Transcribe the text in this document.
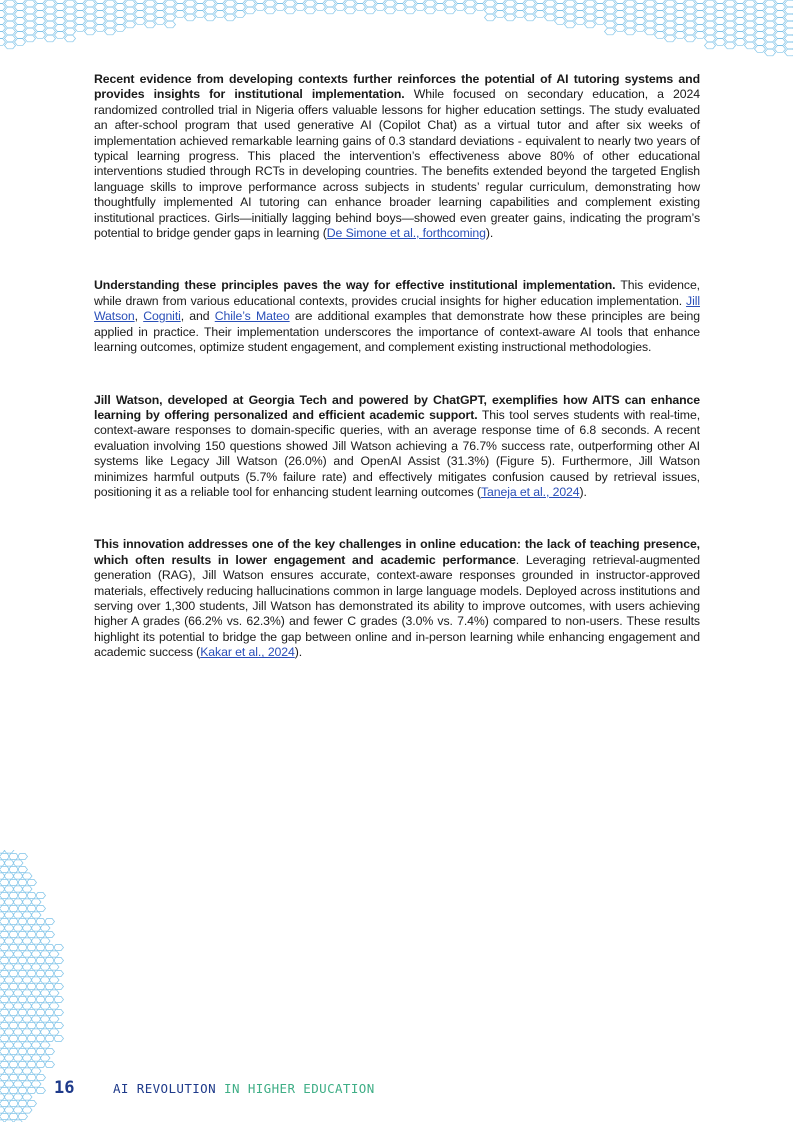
Recent evidence from developing contexts further reinforces the potential of AI tutoring systems and provides insights for institutional implementation. While focused on secondary education, a 2024 randomized controlled trial in Nigeria offers valuable lessons for higher education settings. The study evaluated an after-school program that used generative AI (Copilot Chat) as a virtual tutor and after six weeks of implementation achieved remarkable learning gains of 0.3 standard deviations - equivalent to nearly two years of typical learning progress. This placed the intervention’s effectiveness above 80% of other educational interventions studied through RCTs in developing countries. The benefits extended beyond the targeted English language skills to improve performance across subjects in students’ regular curriculum, demonstrating how thoughtfully implemented AI tutoring can enhance broader learning capabilities and complement existing institutional practices. Girls—initially lagging behind boys—showed even greater gains, indicating the program’s potential to bridge gender gaps in learning (De Simone et al., forthcoming).

Understanding these principles paves the way for effective institutional implementation. This evidence, while drawn from various educational contexts, provides crucial insights for higher education implementation. Jill Watson, Cogniti, and Chile’s Mateo are additional examples that demonstrate how these principles are being applied in practice. Their implementation underscores the importance of context-aware AI tools that enhance learning outcomes, optimize student engagement, and complement existing instructional methodologies.

Jill Watson, developed at Georgia Tech and powered by ChatGPT, exemplifies how AITS can enhance learning by offering personalized and efficient academic support. This tool serves students with real-time, context-aware responses to domain-specific queries, with an average response time of 6.8 seconds. A recent evaluation involving 150 questions showed Jill Watson achieving a 76.7% success rate, outperforming other AI systems like Legacy Jill Watson (26.0%) and OpenAI Assist (31.3%) (Figure 5). Furthermore, Jill Watson minimizes harmful outputs (5.7% failure rate) and effectively mitigates confusion caused by retrieval issues, positioning it as a reliable tool for enhancing student learning outcomes (Taneja et al., 2024).

This innovation addresses one of the key challenges in online education: the lack of teaching presence, which often results in lower engagement and academic performance. Leveraging retrieval-augmented generation (RAG), Jill Watson ensures accurate, context-aware responses grounded in instructor-approved materials, effectively reducing hallucinations common in large language models. Deployed across institutions and serving over 1,300 students, Jill Watson has demonstrated its ability to improve outcomes, with users achieving higher A grades (66.2% vs. 62.3%) and fewer C grades (3.0% vs. 7.4%) compared to non-users. These results highlight its potential to bridge the gap between online and in-person learning while enhancing engagement and academic success (Kakar et al., 2024).

16	AI REVOLUTION IN HIGHER EDUCATION
